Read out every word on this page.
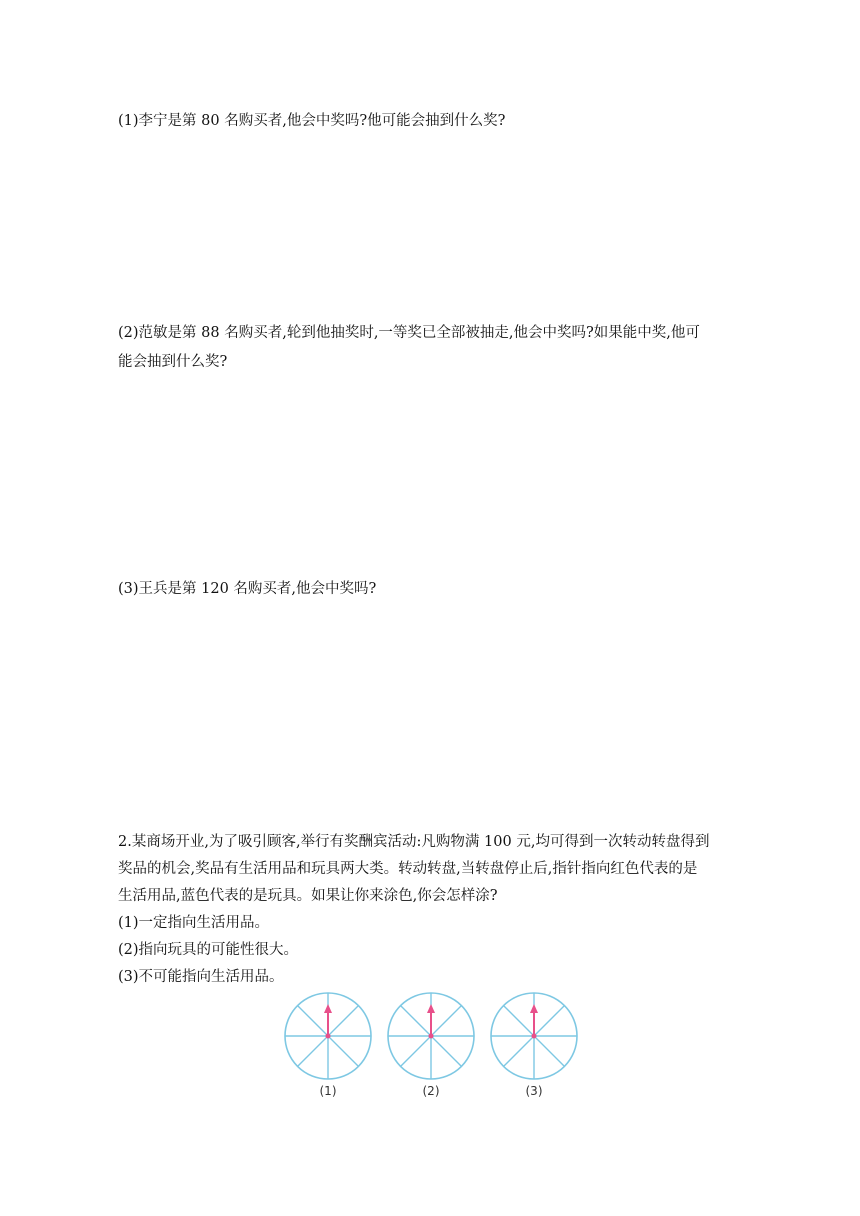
(1)李宁是第 80 名购买者,他会中奖吗?他可能会抽到什么奖?
(2)范敏是第 88 名购买者,轮到他抽奖时,一等奖已全部被抽走,他会中奖吗?如果能中奖,他可
能会抽到什么奖?
(3)王兵是第 120 名购买者,他会中奖吗?
2.某商场开业,为了吸引顾客,举行有奖酬宾活动:凡购物满 100 元,均可得到一次转动转盘得到
奖品的机会,奖品有生活用品和玩具两大类。转动转盘,当转盘停止后,指针指向红色代表的是
生活用品,蓝色代表的是玩具。如果让你来涂色,你会怎样涂?
(1)一定指向生活用品。
(2)指向玩具的可能性很大。
(3)不可能指向生活用品。
(1)	(2)	(3)
